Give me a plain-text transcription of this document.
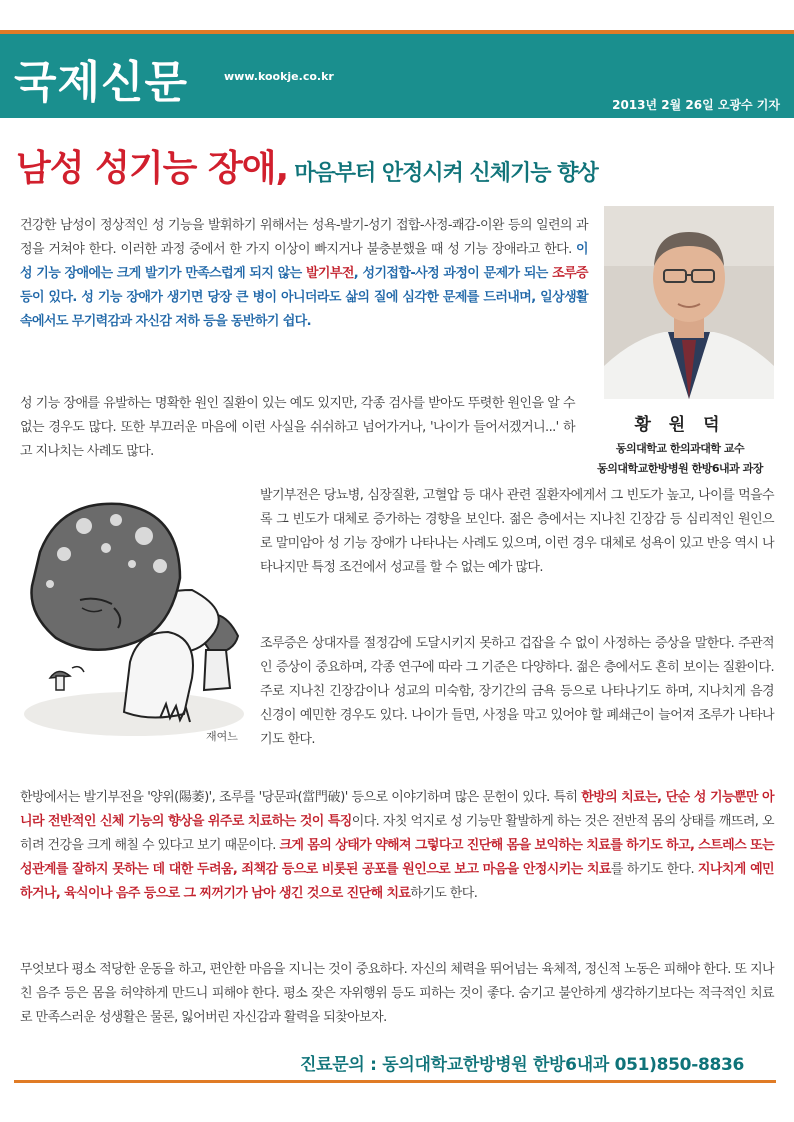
국제신문	www.kookje.co.kr
2013년 2월 26일 오광수 기자
남성 성기능 장애, 마음부터 안정시켜 신체기능 향상
건강한 남성이 정상적인 성 기능을 발휘하기 위해서는 성욕-발기-성기 접합-사정-쾌감-이완 등의 일련의 과정을 거쳐야 한다. 이러한 과정 중에서 한 가지 이상이 빠지거나 불충분했을 때 성 기능 장애라고 한다. 이 성 기능 장애에는 크게 발기가 만족스럽게 되지 않는 발기부전, 성기접합-사정 과정이 문제가 되는 조루증 등이 있다. 성 기능 장애가 생기면 당장 큰 병이 아니더라도 삶의 질에 심각한 문제를 드러내며, 일상생활 속에서도 무기력감과 자신감 저하 등을 동반하기 쉽다.
성 기능 장애를 유발하는 명확한 원인 질환이 있는 예도 있지만, 각종 검사를 받아도 뚜렷한 원인을 알 수 없는 경우도 많다. 또한 부끄러운 마음에 이런 사실을 쉬쉬하고 넘어가거나, '나이가 들어서겠거니...' 하고 지나치는 사례도 많다.
황 원 덕
동의대학교 한의과대학 교수
동의대학교한방병원 한방6내과 과장
재여느
발기부전은 당뇨병, 심장질환, 고혈압 등 대사 관련 질환자에게서 그 빈도가 높고, 나이를 먹을수록 그 빈도가 대체로 증가하는 경향을 보인다. 젊은 층에서는 지나친 긴장감 등 심리적인 원인으로 말미암아 성 기능 장애가 나타나는 사례도 있으며, 이런 경우 대체로 성욕이 있고 반응 역시 나타나지만 특정 조건에서 성교를 할 수 없는 예가 많다.
조루증은 상대자를 절정감에 도달시키지 못하고 겁잡을 수 없이 사정하는 증상을 말한다. 주관적인 증상이 중요하며, 각종 연구에 따라 그 기준은 다양하다. 젊은 층에서도 흔히 보이는 질환이다. 주로 지나친 긴장감이나 성교의 미숙함, 장기간의 금욕 등으로 나타나기도 하며, 지나치게 음경 신경이 예민한 경우도 있다. 나이가 들면, 사정을 막고 있어야 할 폐쇄근이 늘어져 조루가 나타나기도 한다.
한방에서는 발기부전을 '양위(陽萎)', 조루를 '당문파(當門破)' 등으로 이야기하며 많은 문헌이 있다. 특히 한방의 치료는, 단순 성 기능뿐만 아니라 전반적인 신체 기능의 향상을 위주로 치료하는 것이 특징이다. 자칫 억지로 성 기능만 활발하게 하는 것은 전반적 몸의 상태를 깨뜨려, 오히려 건강을 크게 해칠 수 있다고 보기 때문이다. 크게 몸의 상태가 약해져 그렇다고 진단해 몸을 보익하는 치료를 하기도 하고, 스트레스 또는 성관계를 잘하지 못하는 데 대한 두려움, 죄책감 등으로 비롯된 공포를 원인으로 보고 마음을 안정시키는 치료를 하기도 한다. 지나치게 예민하거나, 육식이나 음주 등으로 그 찌꺼기가 남아 생긴 것으로 진단해 치료하기도 한다.
무엇보다 평소 적당한 운동을 하고, 편안한 마음을 지니는 것이 중요하다. 자신의 체력을 뛰어넘는 육체적, 정신적 노동은 피해야 한다. 또 지나친 음주 등은 몸을 허약하게 만드니 피해야 한다. 평소 잦은 자위행위 등도 피하는 것이 좋다. 숨기고 불안하게 생각하기보다는 적극적인 치료로 만족스러운 성생활은 물론, 잃어버린 자신감과 활력을 되찾아보자.
진료문의 : 동의대학교한방병원 한방6내과 051)850-8836
